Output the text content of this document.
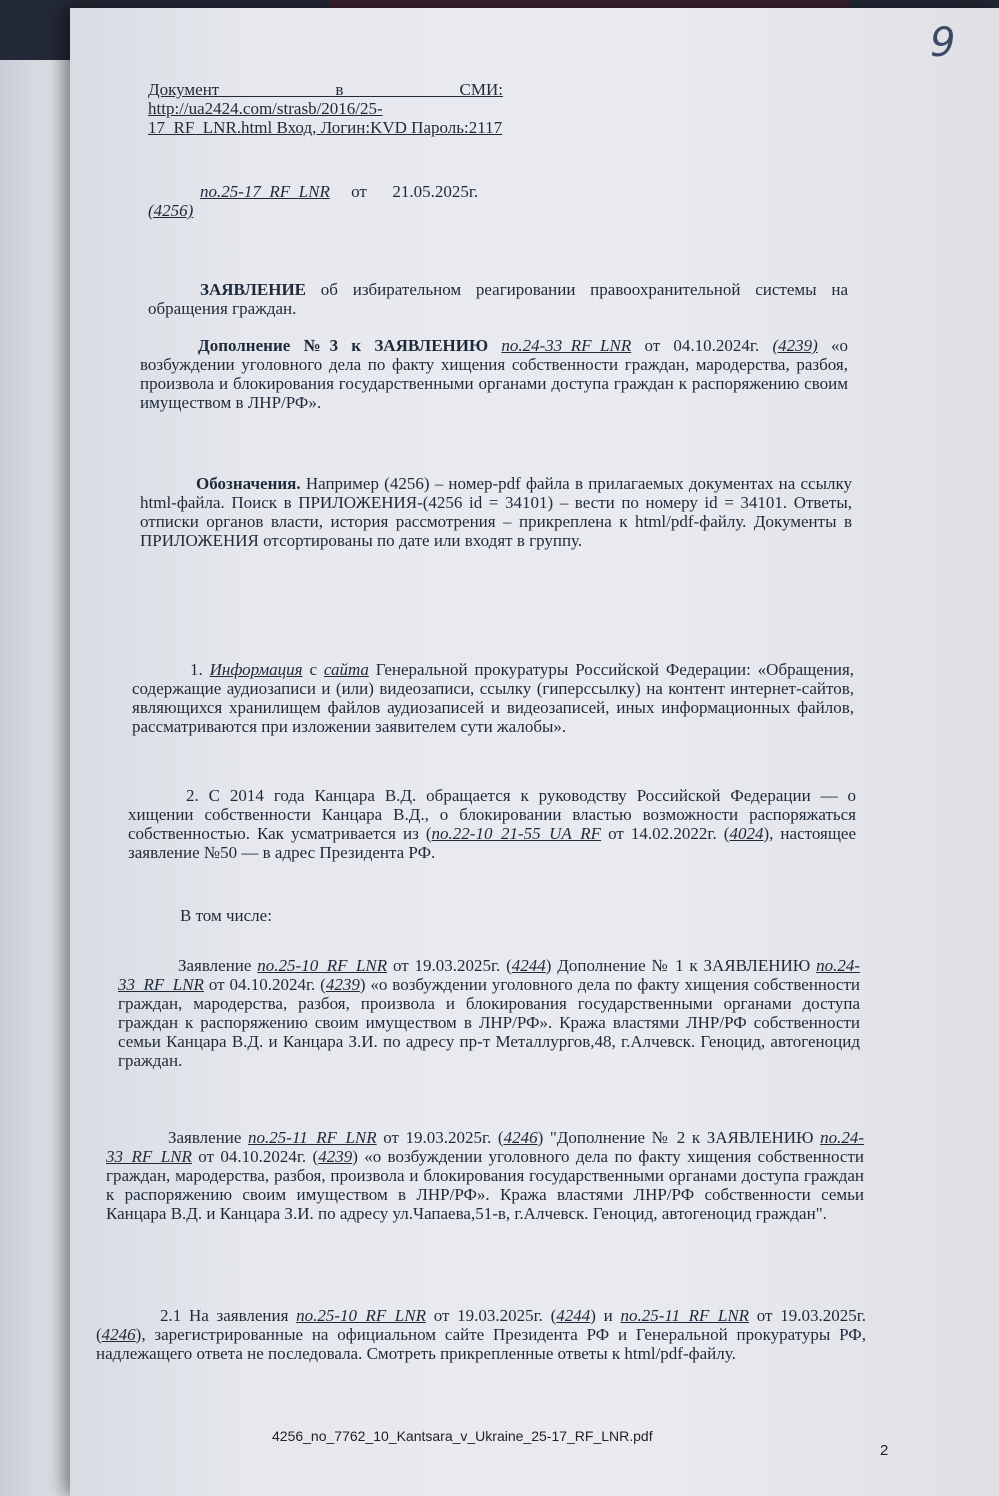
9
Документ в СМИ: http://ua2424.com/strasb/2016/25-17_RF_LNR.html Вход, Логин:KVD Пароль:2117
по.25-17_RF_LNR от 21.05.2025г.
(4256)
ЗАЯВЛЕНИЕ об избирательном реагировании правоохранительной системы на обращения граждан.
Дополнение №3 к ЗАЯВЛЕНИЮ по.24-33_RF_LNR от 04.10.2024г. (4239) «о возбуждении уголовного дела по факту хищения собственности граждан, мародерства, разбоя, произвола и блокирования государственными органами доступа граждан к распоряжению своим имуществом в ЛНР/РФ».
Обозначения. Например (4256) – номер-pdf файла в прилагаемых документах на ссылку html-файла. Поиск в ПРИЛОЖЕНИЯ-(4256 id = 34101) – вести по номеру id = 34101. Ответы, отписки органов власти, история рассмотрения – прикреплена к html/pdf-файлу. Документы в ПРИЛОЖЕНИЯ отсортированы по дате или входят в группу.
1. Информация с сайта Генеральной прокуратуры Российской Федерации: «Обращения, содержащие аудиозаписи и (или) видеозаписи, ссылку (гиперссылку) на контент интернет-сайтов, являющихся хранилищем файлов аудиозаписей и видеозаписей, иных информационных файлов, рассматриваются при изложении заявителем сути жалобы».
2. С 2014 года Канцара В.Д. обращается к руководству Российской Федерации — о хищении собственности Канцара В.Д., о блокировании властью возможности распоряжаться собственностью. Как усматривается из (по.22-10_21-55_UA_RF от 14.02.2022г. (4024), настоящее заявление №50 — в адрес Президента РФ.
В том числе:
Заявление по.25-10_RF_LNR от 19.03.2025г. (4244) Дополнение № 1 к ЗАЯВЛЕНИЮ по.24-33_RF_LNR от 04.10.2024г. (4239) «о возбуждении уголовного дела по факту хищения собственности граждан, мародерства, разбоя, произвола и блокирования государственными органами доступа граждан к распоряжению своим имуществом в ЛНР/РФ». Кража властями ЛНР/РФ собственности семьи Канцара В.Д. и Канцара З.И. по адресу пр-т Металлургов,48, г.Алчевск. Геноцид, автогеноцид граждан.
Заявление по.25-11_RF_LNR от 19.03.2025г. (4246) "Дополнение № 2 к ЗАЯВЛЕНИЮ по.24-33_RF_LNR от 04.10.2024г. (4239) «о возбуждении уголовного дела по факту хищения собственности граждан, мародерства, разбоя, произвола и блокирования государственными органами доступа граждан к распоряжению своим имуществом в ЛНР/РФ». Кража властями ЛНР/РФ собственности семьи Канцара В.Д. и Канцара З.И. по адресу ул.Чапаева,51-в, г.Алчевск. Геноцид, автогеноцид граждан".
2.1 На заявления по.25-10_RF_LNR от 19.03.2025г. (4244) и по.25-11_RF_LNR от 19.03.2025г. (4246), зарегистрированные на официальном сайте Президента РФ и Генеральной прокуратуры РФ, надлежащего ответа не последовала. Смотреть прикрепленные ответы к html/pdf-файлу.
4256_no_7762_10_Kantsara_v_Ukraine_25-17_RF_LNR.pdf
2
